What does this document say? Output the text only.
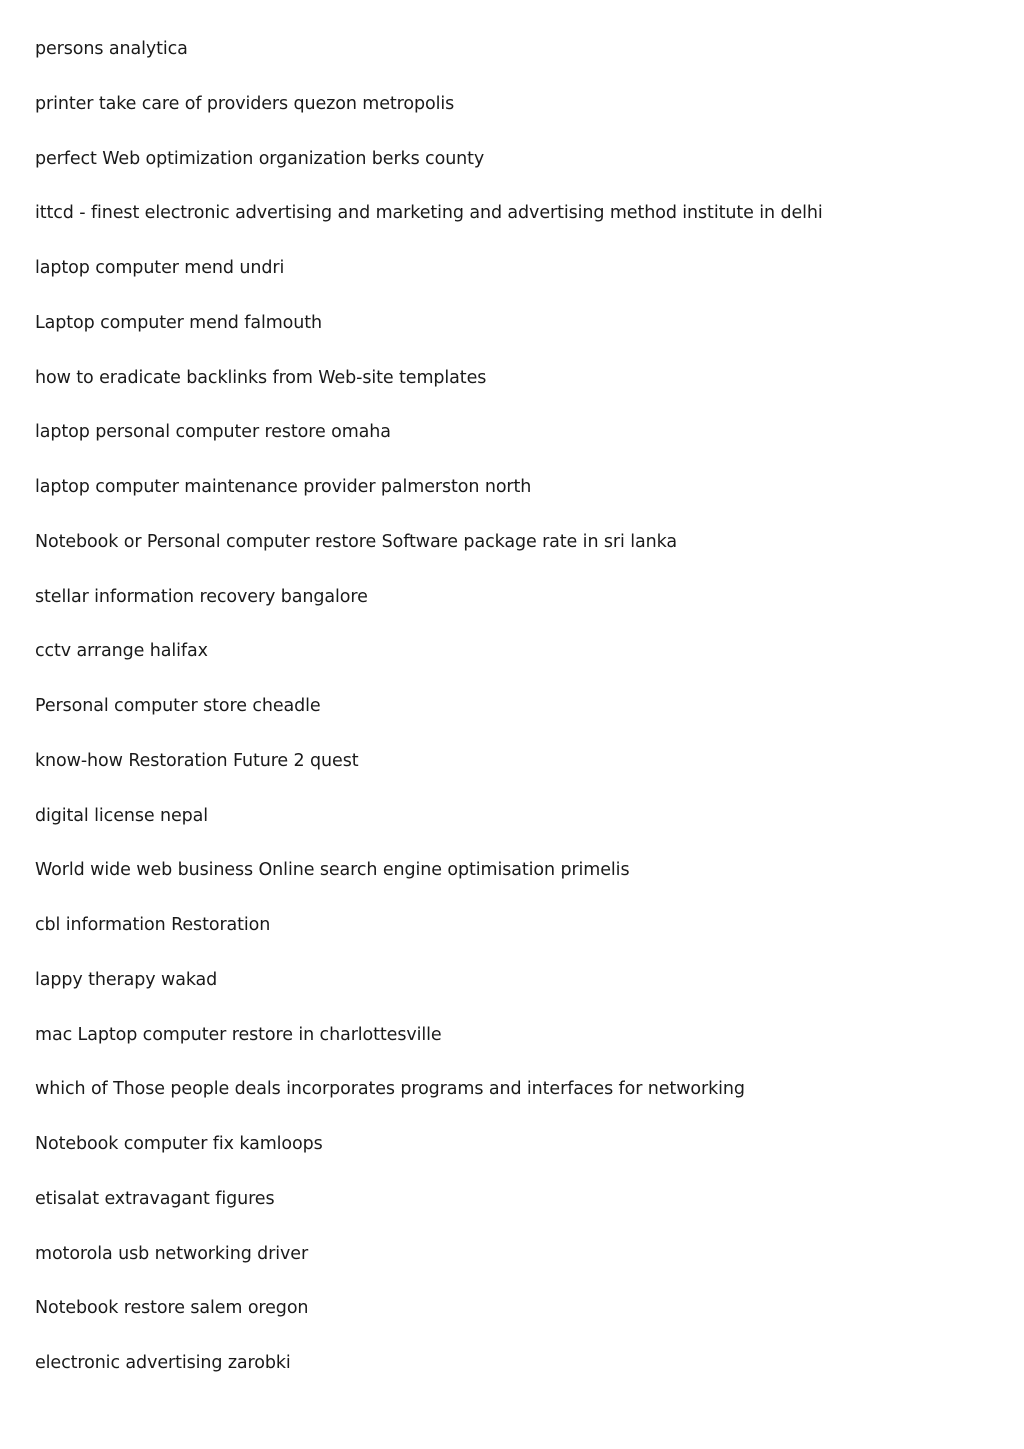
persons analytica
printer take care of providers quezon metropolis
perfect Web optimization organization berks county
ittcd - finest electronic advertising and marketing and advertising method institute in delhi
laptop computer mend undri
Laptop computer mend falmouth
how to eradicate backlinks from Web-site templates
laptop personal computer restore omaha
laptop computer maintenance provider palmerston north
Notebook or Personal computer restore Software package rate in sri lanka
stellar information recovery bangalore
cctv arrange halifax
Personal computer store cheadle
know-how Restoration Future 2 quest
digital license nepal
World wide web business Online search engine optimisation primelis
cbl information Restoration
lappy therapy wakad
mac Laptop computer restore in charlottesville
which of Those people deals incorporates programs and interfaces for networking
Notebook computer fix kamloops
etisalat extravagant figures
motorola usb networking driver
Notebook restore salem oregon
electronic advertising zarobki
